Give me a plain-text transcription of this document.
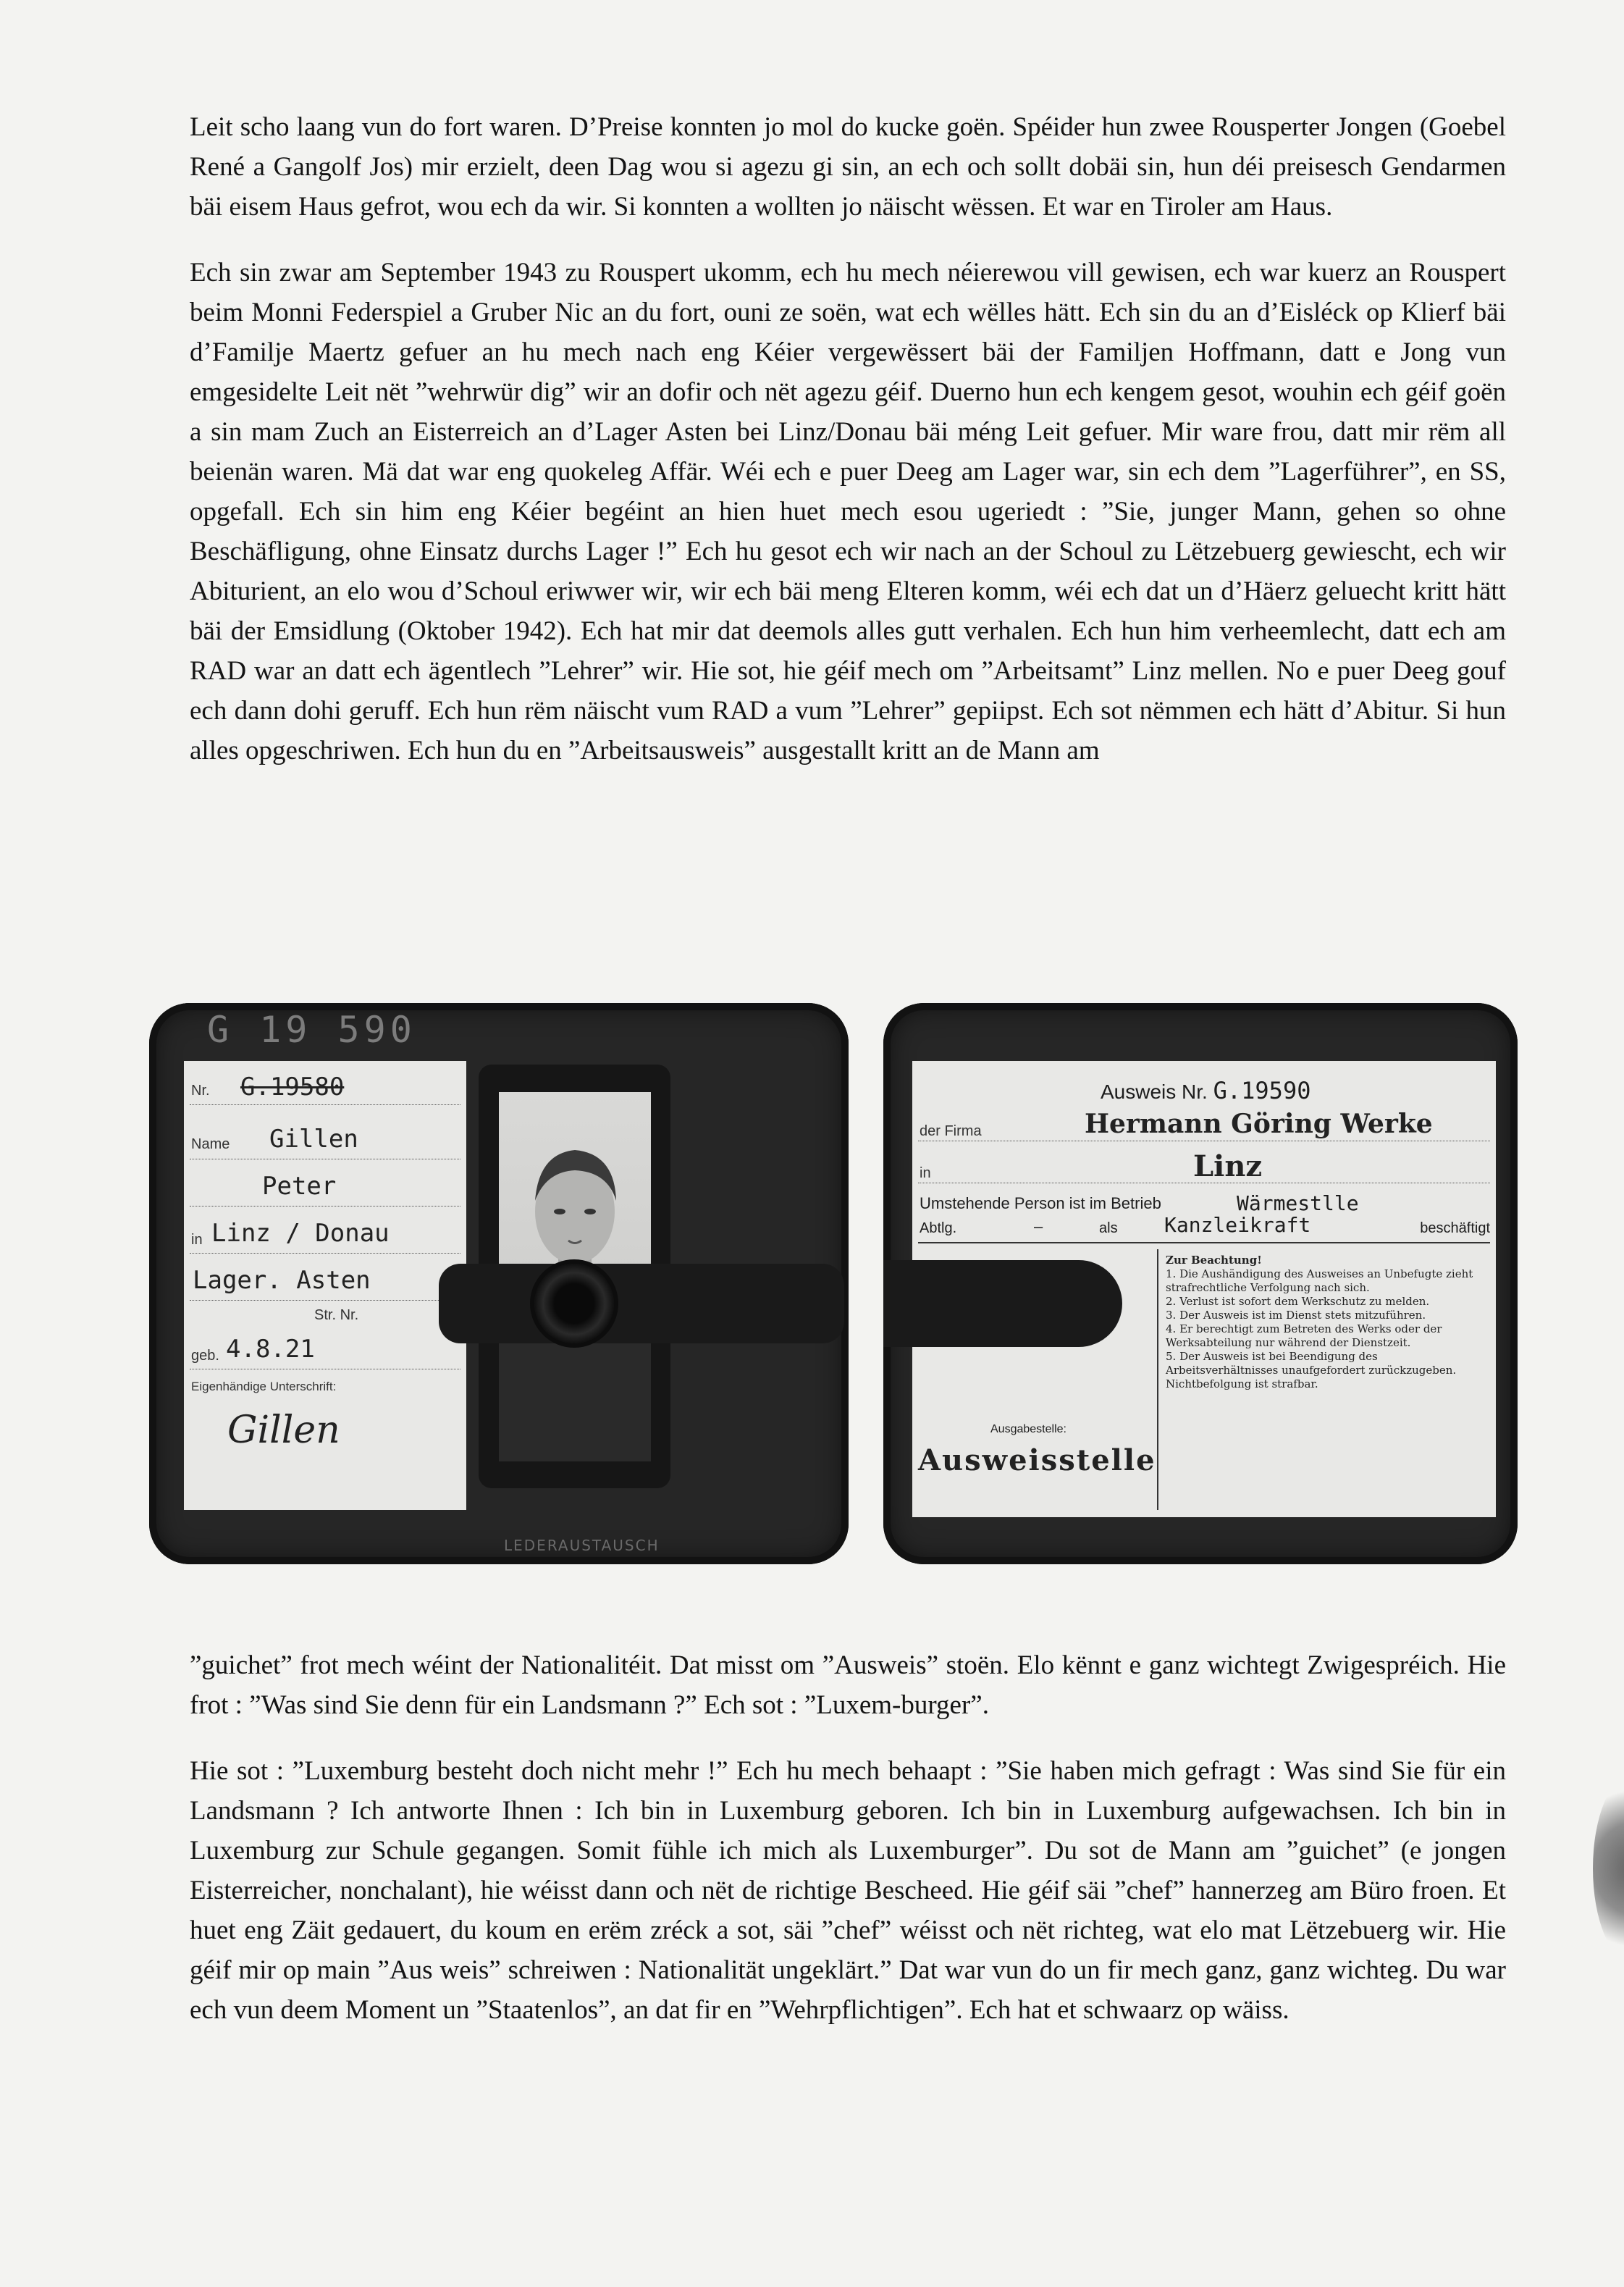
Leit scho laang vun do fort waren. D’Preise konnten jo mol do kucke goën. Spéider hun zwee Rousperter Jongen (Goebel René a Gangolf Jos) mir erzielt, deen Dag wou si agezu gi sin, an ech och sollt dobäi sin, hun déi preisesch Gendarmen bäi eisem Haus gefrot, wou ech da wir. Si konnten a wollten jo näischt wëssen. Et war en Tiroler am Haus.

Ech sin zwar am September 1943 zu Rouspert ukomm, ech hu mech néierewou vill gewisen, ech war kuerz an Rouspert beim Monni Federspiel a Gruber Nic an du fort, ouni ze soën, wat ech wëlles hätt. Ech sin du an d’Eisléck op Klierf bäi d’Familje Maertz gefuer an hu mech nach eng Kéier vergewëssert bäi der Familjen Hoffmann, datt e Jong vun emgesidelte Leit nët ”wehrwür dig” wir an dofir och nët agezu géif. Duerno hun ech kengem gesot, wouhin ech géif goën a sin mam Zuch an Eisterreich an d’Lager Asten bei Linz/Donau bäi méng Leit gefuer. Mir ware frou, datt mir rëm all beienän waren. Mä dat war eng quokeleg Affär. Wéi ech e puer Deeg am Lager war, sin ech dem ”Lagerführer”, en SS, opgefall. Ech sin him eng Kéier begéint an hien huet mech esou ugeriedt : ”Sie, junger Mann, gehen so ohne Beschäfligung, ohne Einsatz durchs Lager !” Ech hu gesot ech wir nach an der Schoul zu Lëtzebuerg gewiescht, ech wir Abiturient, an elo wou d’Schoul eriwwer wir, wir ech bäi meng Elteren komm, wéi ech dat un d’Häerz geluecht kritt hätt bäi der Emsidlung (Oktober 1942). Ech hat mir dat deemols alles gutt verhalen. Ech hun him verheemlecht, datt ech am RAD war an datt ech ägentlech ”Lehrer” wir. Hie sot, hie géif mech om ”Arbeitsamt” Linz mellen. No e puer Deeg gouf ech dann dohi geruff. Ech hun rëm näischt vum RAD a vum ”Lehrer” gepiipst. Ech sot nëmmen ech hätt d’Abitur. Si hun alles opgeschriwen. Ech hun du en ”Arbeitsausweis” ausgestallt kritt an de Mann am

G 19 590
Nr. G.19580
Name Gillen
Peter
in Linz / Donau
Lager. Asten
Str. Nr.
geb. 4.8.21
Eigenhändige Unterschrift:
Gillen
LEDERAUSTAUSCH
Ausweis Nr. G.19590
der Firma	Hermann Göring Werke
in	Linz
Umstehende Person ist im Betrieb	Wärmestlle
Abtlg.	–	als Kanzleikraft	beschäftigt
Ausgabestelle:
Ausweisstelle
Zur Beachtung!
1. Die Aushändigung des Ausweises an Unbefugte zieht strafrechtliche Verfolgung nach sich.
2. Verlust ist sofort dem Werkschutz zu melden.
3. Der Ausweis ist im Dienst stets mitzuführen.
4. Er berechtigt zum Betreten des Werks oder der Werksabteilung nur während der Dienstzeit.
5. Der Ausweis ist bei Beendigung des Arbeitsverhältnisses unaufgefordert zurückzugeben. Nichtbefolgung ist strafbar.

”guichet” frot mech wéint der Nationalitéit. Dat misst om ”Ausweis” stoën. Elo kënnt e ganz wichtegt Zwigespréich. Hie frot : ”Was sind Sie denn für ein Landsmann ?” Ech sot : ”Luxem-burger”.

Hie sot : ”Luxemburg besteht doch nicht mehr !” Ech hu mech behaapt : ”Sie haben mich gefragt : Was sind Sie für ein Landsmann ? Ich antworte Ihnen : Ich bin in Luxemburg geboren. Ich bin in Luxemburg aufgewachsen. Ich bin in Luxemburg zur Schule gegangen. Somit fühle ich mich als Luxemburger”. Du sot de Mann am ”guichet” (e jongen Eisterreicher, nonchalant), hie wéisst dann och nët de richtige Bescheed. Hie géif säi ”chef” hannerzeg am Büro froen. Et huet eng Zäit gedauert, du koum en erëm zréck a sot, säi ”chef” wéisst och nët richteg, wat elo mat Lëtzebuerg wir. Hie géif mir op main ”Aus weis” schreiwen : Nationalität ungeklärt.” Dat war vun do un fir mech ganz, ganz wichteg. Du war ech vun deem Moment un ”Staatenlos”, an dat fir en ”Wehrpflichtigen”. Ech hat et schwaarz op wäiss.
